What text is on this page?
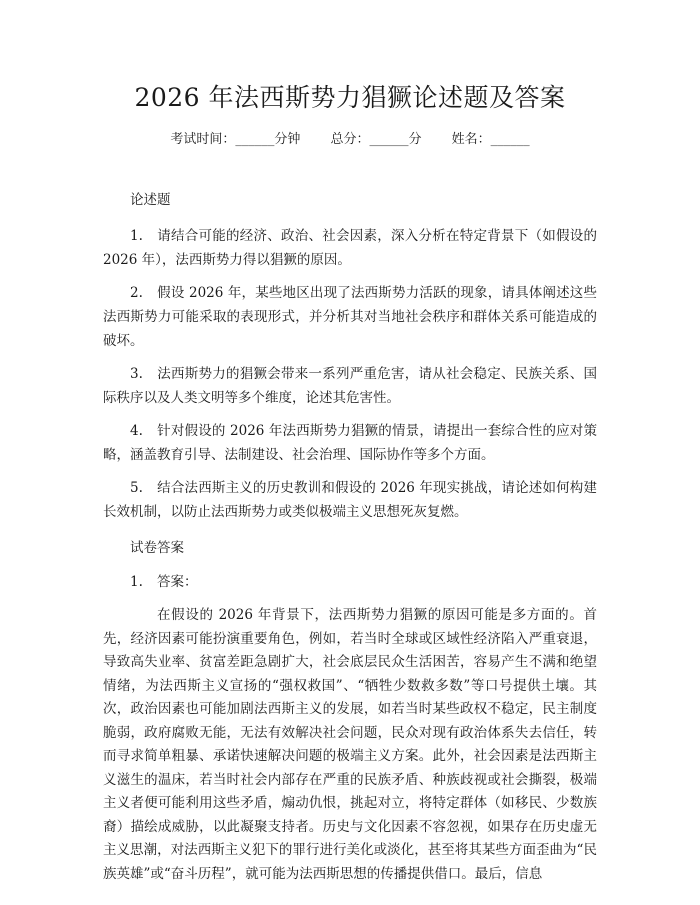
2026 年法西斯势力猖獗论述题及答案
考试时间：______分钟 总分：______分 姓名：______

论述题

1. 请结合可能的经济、政治、社会因素，深入分析在特定背景下（如假设的 2026 年），法西斯势力得以猖獗的原因。

2. 假设 2026 年，某些地区出现了法西斯势力活跃的现象，请具体阐述这些法西斯势力可能采取的表现形式，并分析其对当地社会秩序和群体关系可能造成的破坏。

3. 法西斯势力的猖獗会带来一系列严重危害，请从社会稳定、民族关系、国际秩序以及人类文明等多个维度，论述其危害性。

4. 针对假设的 2026 年法西斯势力猖獗的情景，请提出一套综合性的应对策略，涵盖教育引导、法制建设、社会治理、国际协作等多个方面。

5. 结合法西斯主义的历史教训和假设的 2026 年现实挑战，请论述如何构建长效机制，以防止法西斯势力或类似极端主义思想死灰复燃。

试卷答案

1. 答案：

在假设的 2026 年背景下，法西斯势力猖獗的原因可能是多方面的。首先，经济因素可能扮演重要角色，例如，若当时全球或区域性经济陷入严重衰退，导致高失业率、贫富差距急剧扩大，社会底层民众生活困苦，容易产生不满和绝望情绪，为法西斯主义宣扬的“强权救国”、“牺牲少数救多数”等口号提供土壤。其次，政治因素也可能加剧法西斯主义的发展，如若当时某些政权不稳定，民主制度脆弱，政府腐败无能，无法有效解决社会问题，民众对现有政治体系失去信任，转而寻求简单粗暴、承诺快速解决问题的极端主义方案。此外，社会因素是法西斯主义滋生的温床，若当时社会内部存在严重的民族矛盾、种族歧视或社会撕裂，极端主义者便可能利用这些矛盾，煽动仇恨，挑起对立，将特定群体（如移民、少数族裔）描绘成威胁，以此凝聚支持者。历史与文化因素不容忽视，如果存在历史虚无主义思潮，对法西斯主义犯下的罪行进行美化或淡化，甚至将其某些方面歪曲为“民族英雄”或“奋斗历程”，就可能为法西斯思想的传播提供借口。最后，信息
